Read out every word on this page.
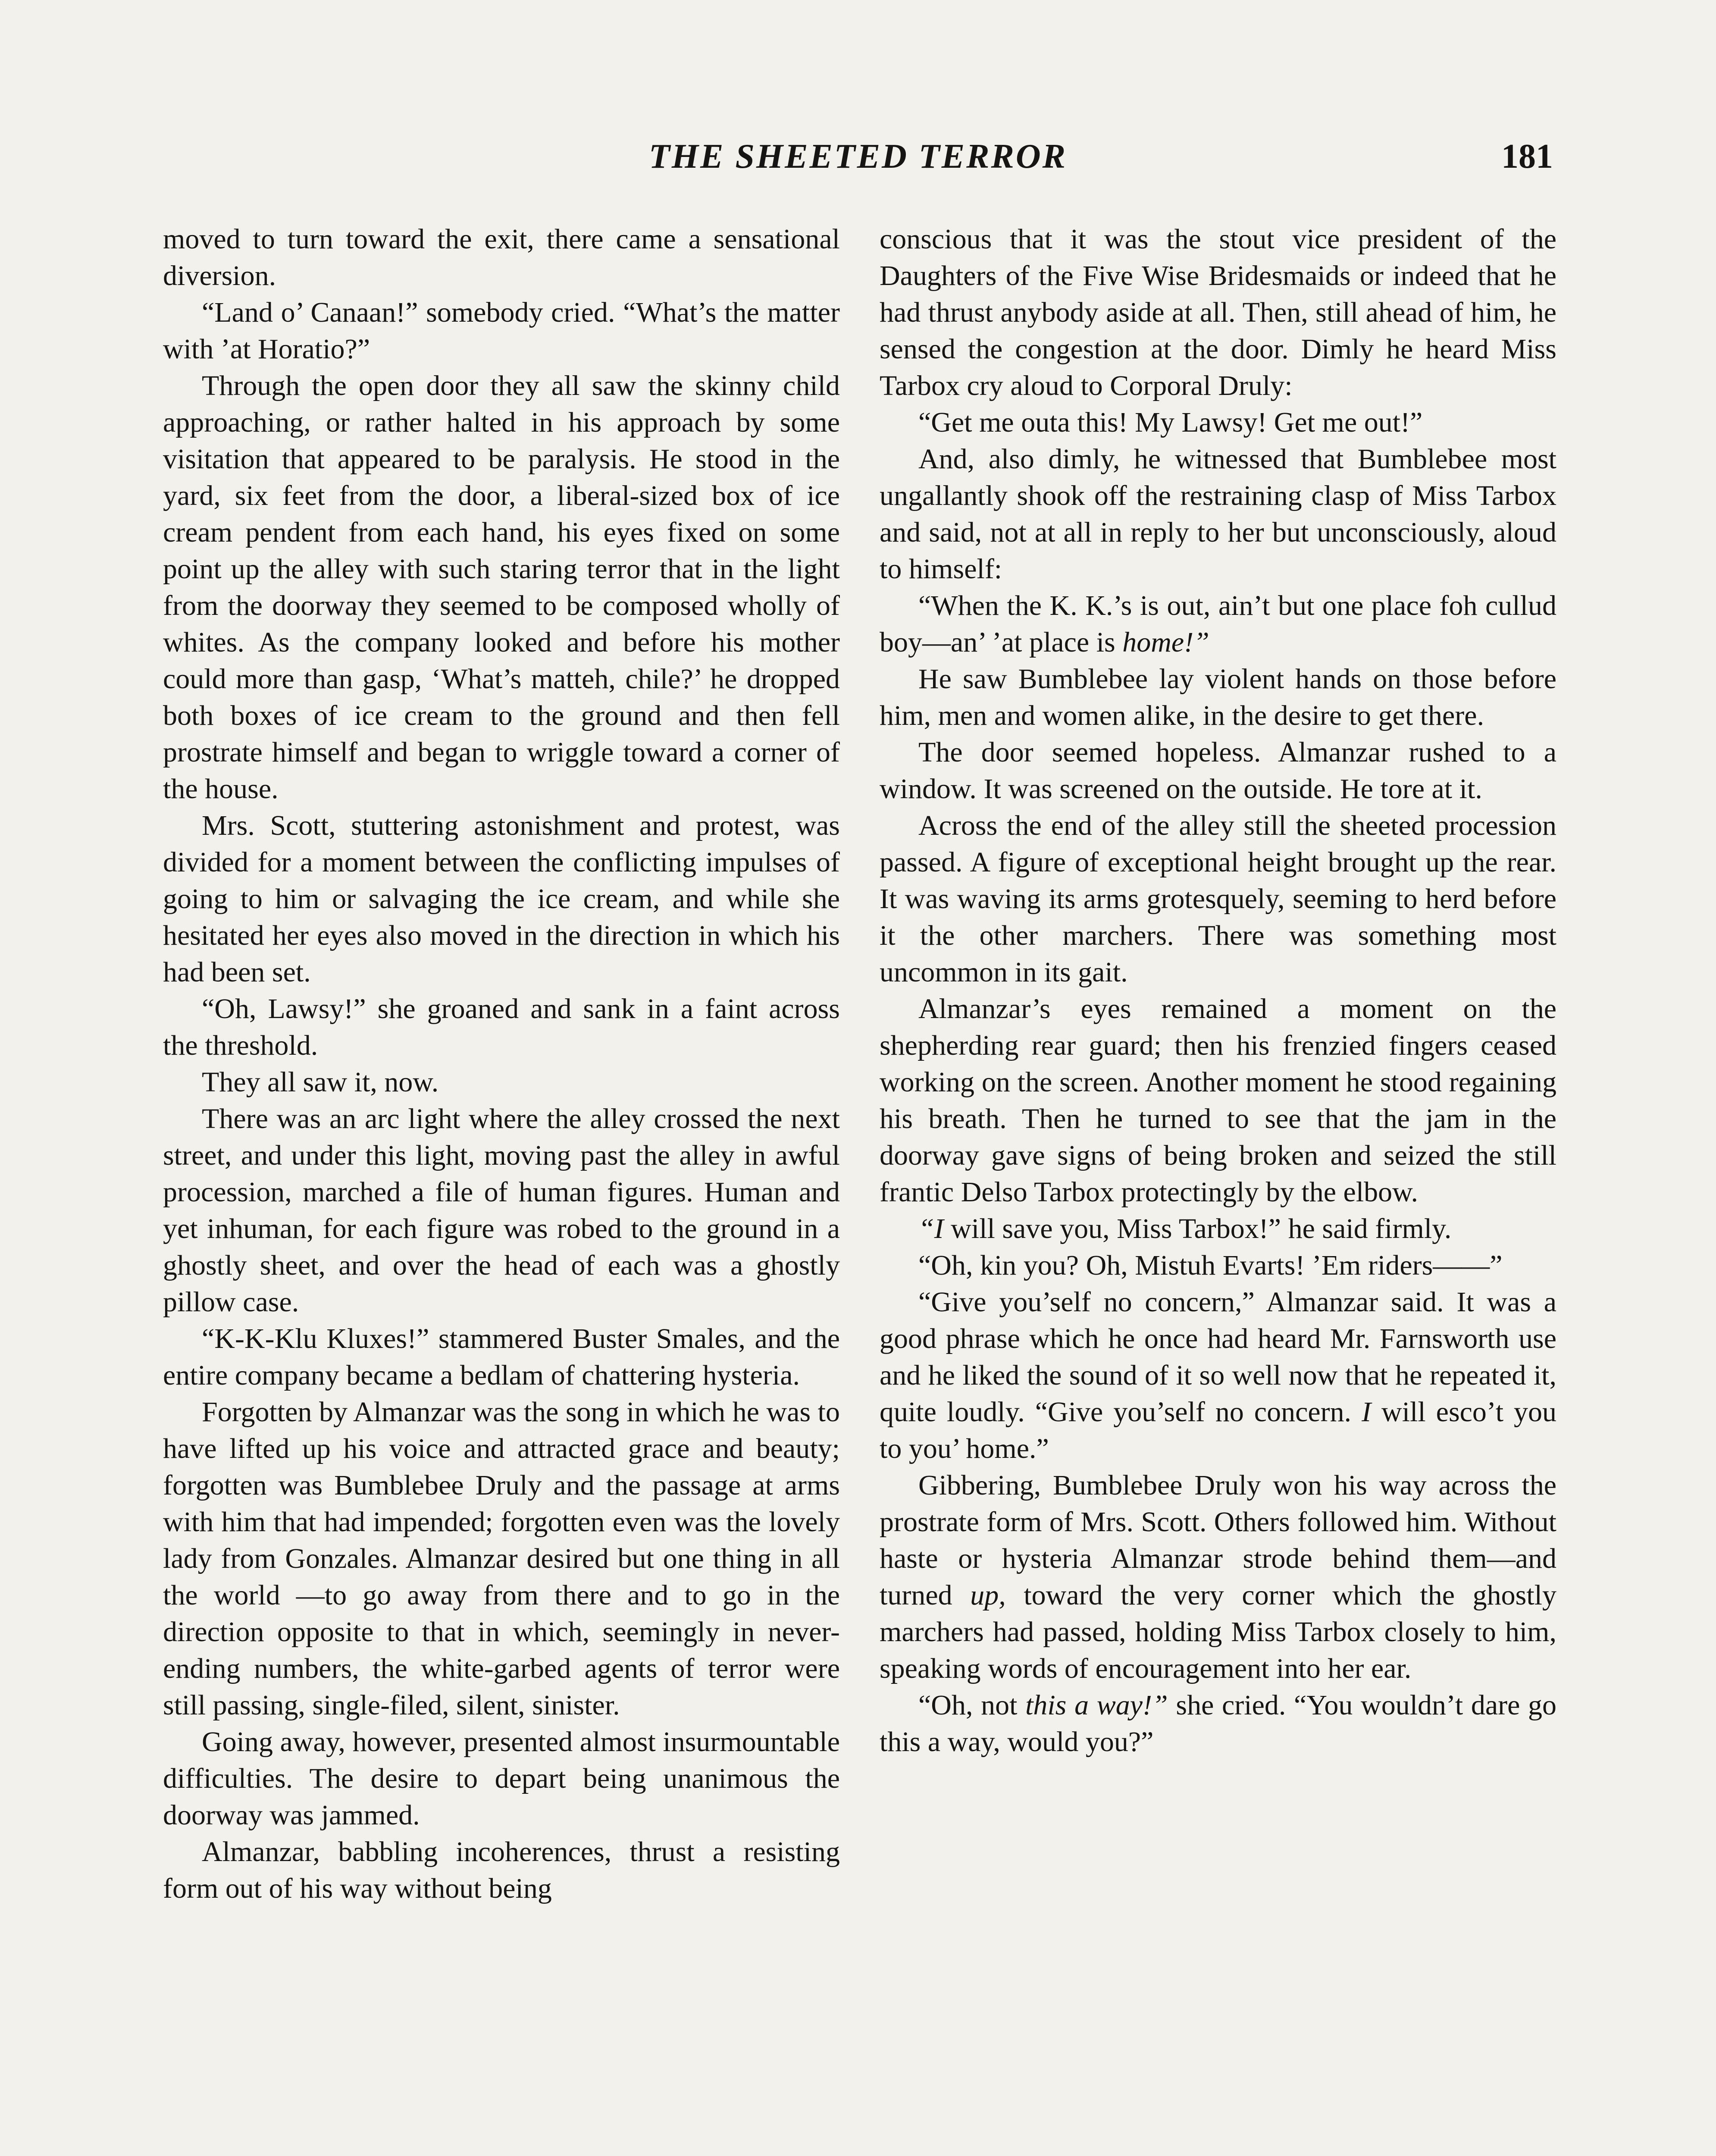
THE SHEETED TERROR	181

moved to turn toward the exit, there came a sensational diversion.

“Land o’ Canaan!” somebody cried. “What’s the matter with ’at Horatio?”

Through the open door they all saw the skinny child approaching, or rather halted in his approach by some visitation that appeared to be paralysis. He stood in the yard, six feet from the door, a liberal-sized box of ice cream pendent from each hand, his eyes fixed on some point up the alley with such staring terror that in the light from the doorway they seemed to be composed wholly of whites. As the company looked and before his mother could more than gasp, ‘What’s matteh, chile?’ he dropped both boxes of ice cream to the ground and then fell prostrate himself and began to wriggle toward a corner of the house.

Mrs. Scott, stuttering astonishment and protest, was divided for a moment between the conflicting impulses of going to him or salvaging the ice cream, and while she hesitated her eyes also moved in the direction in which his had been set.

“Oh, Lawsy!” she groaned and sank in a faint across the threshold.

They all saw it, now.

There was an arc light where the alley crossed the next street, and under this light, moving past the alley in awful procession, marched a file of human figures. Human and yet inhuman, for each figure was robed to the ground in a ghostly sheet, and over the head of each was a ghostly pillow case.

“K-K-Klu Kluxes!” stammered Buster Smales, and the entire company became a bedlam of chattering hysteria.

Forgotten by Almanzar was the song in which he was to have lifted up his voice and attracted grace and beauty; forgotten was Bumblebee Druly and the passage at arms with him that had impended; forgotten even was the lovely lady from Gonzales. Almanzar desired but one thing in all the world —to go away from there and to go in the direction opposite to that in which, seemingly in never-ending numbers, the white-garbed agents of terror were still passing, single-filed, silent, sinister.

Going away, however, presented almost insurmountable difficulties. The desire to depart being unanimous the doorway was jammed.

Almanzar, babbling incoherences, thrust a resisting form out of his way without being

conscious that it was the stout vice president of the Daughters of the Five Wise Bridesmaids or indeed that he had thrust anybody aside at all. Then, still ahead of him, he sensed the congestion at the door. Dimly he heard Miss Tarbox cry aloud to Corporal Druly:

“Get me outa this! My Lawsy! Get me out!”

And, also dimly, he witnessed that Bumblebee most ungallantly shook off the restraining clasp of Miss Tarbox and said, not at all in reply to her but unconsciously, aloud to himself:

“When the K. K.’s is out, ain’t but one place foh cullud boy—an’ ’at place is home!”

He saw Bumblebee lay violent hands on those before him, men and women alike, in the desire to get there.

The door seemed hopeless. Almanzar rushed to a window. It was screened on the outside. He tore at it.

Across the end of the alley still the sheeted procession passed. A figure of exceptional height brought up the rear. It was waving its arms grotesquely, seeming to herd before it the other marchers. There was something most uncommon in its gait.

Almanzar’s eyes remained a moment on the shepherding rear guard; then his frenzied fingers ceased working on the screen. Another moment he stood regaining his breath. Then he turned to see that the jam in the doorway gave signs of being broken and seized the still frantic Delso Tarbox protectingly by the elbow.

“I will save you, Miss Tarbox!” he said firmly.

“Oh, kin you? Oh, Mistuh Evarts! ’Em riders——”

“Give you’self no concern,” Almanzar said. It was a good phrase which he once had heard Mr. Farnsworth use and he liked the sound of it so well now that he repeated it, quite loudly. “Give you’self no concern. I will esco’t you to you’ home.”

Gibbering, Bumblebee Druly won his way across the prostrate form of Mrs. Scott. Others followed him. Without haste or hysteria Almanzar strode behind them—and turned up, toward the very corner which the ghostly marchers had passed, holding Miss Tarbox closely to him, speaking words of encouragement into her ear.

“Oh, not this a way!” she cried. “You wouldn’t dare go this a way, would you?”
